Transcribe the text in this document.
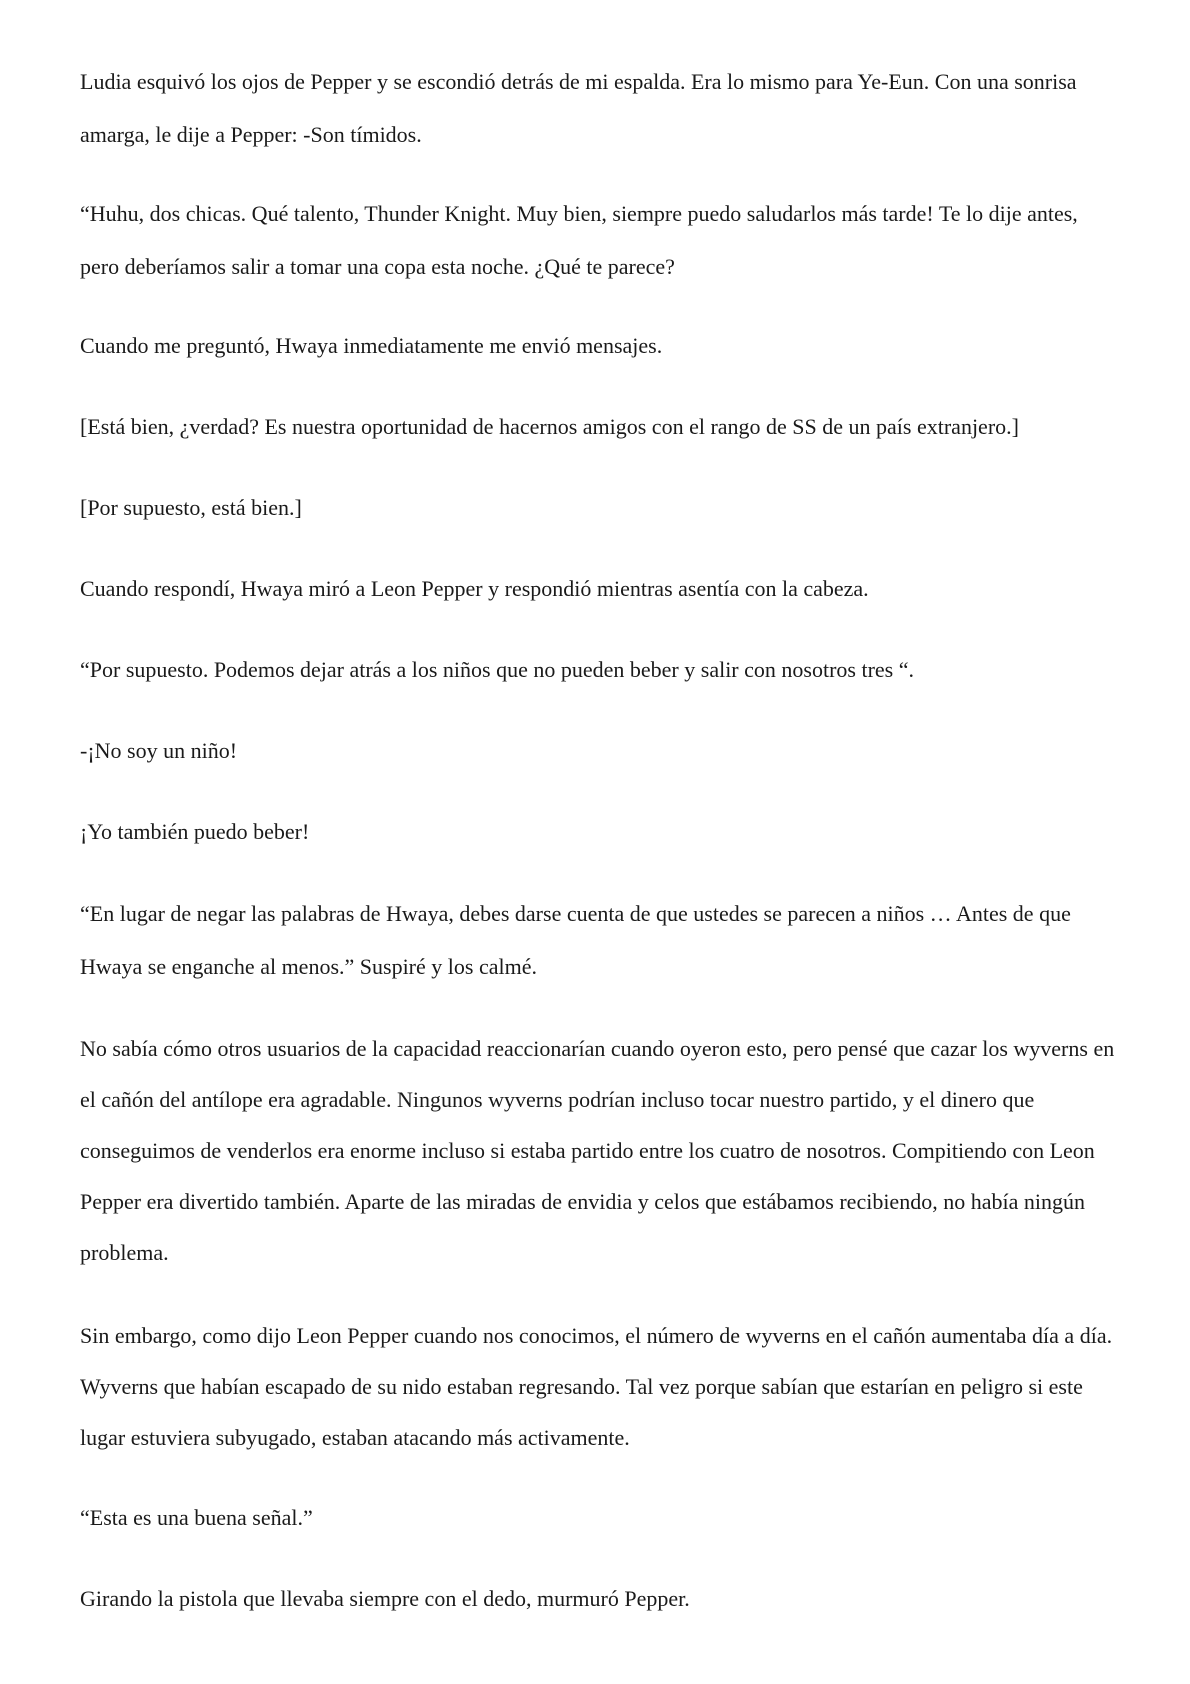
Ludia esquivó los ojos de Pepper y se escondió detrás de mi espalda. Era lo mismo para Ye-Eun. Con una sonrisa amarga, le dije a Pepper: -Son tímidos.

“Huhu, dos chicas. Qué talento, Thunder Knight. Muy bien, siempre puedo saludarlos más tarde! Te lo dije antes, pero deberíamos salir a tomar una copa esta noche. ¿Qué te parece?

Cuando me preguntó, Hwaya inmediatamente me envió mensajes.

[Está bien, ¿verdad? Es nuestra oportunidad de hacernos amigos con el rango de SS de un país extranjero.]

[Por supuesto, está bien.]

Cuando respondí, Hwaya miró a Leon Pepper y respondió mientras asentía con la cabeza.

“Por supuesto. Podemos dejar atrás a los niños que no pueden beber y salir con nosotros tres “.

-¡No soy un niño!

¡Yo también puedo beber!

“En lugar de negar las palabras de Hwaya, debes darse cuenta de que ustedes se parecen a niños … Antes de que Hwaya se enganche al menos.” Suspiré y los calmé.

No sabía cómo otros usuarios de la capacidad reaccionarían cuando oyeron esto, pero pensé que cazar los wyverns en el cañón del antílope era agradable. Ningunos wyverns podrían incluso tocar nuestro partido, y el dinero que conseguimos de venderlos era enorme incluso si estaba partido entre los cuatro de nosotros. Compitiendo con Leon Pepper era divertido también. Aparte de las miradas de envidia y celos que estábamos recibiendo, no había ningún problema.

Sin embargo, como dijo Leon Pepper cuando nos conocimos, el número de wyverns en el cañón aumentaba día a día. Wyverns que habían escapado de su nido estaban regresando. Tal vez porque sabían que estarían en peligro si este lugar estuviera subyugado, estaban atacando más activamente.

“Esta es una buena señal.”

Girando la pistola que llevaba siempre con el dedo, murmuró Pepper.
